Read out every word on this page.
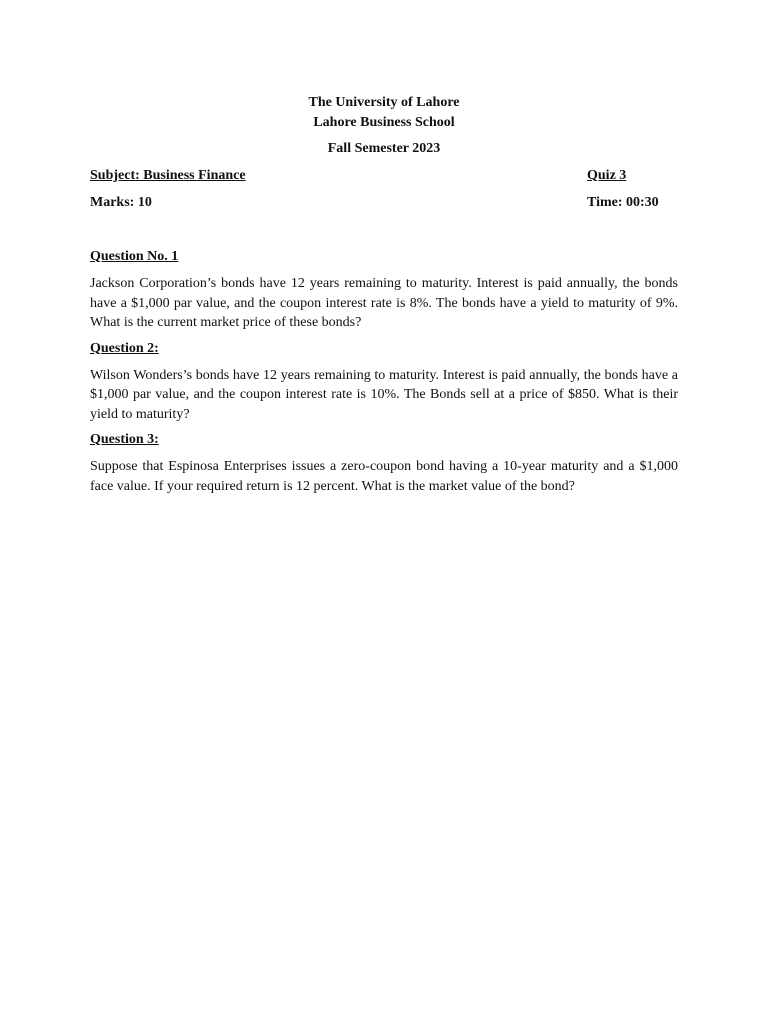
The University of Lahore
Lahore Business School
Fall Semester 2023
Subject: Business Finance	Quiz 3
Marks: 10	Time: 00:30
Question No. 1
Jackson Corporation’s bonds have 12 years remaining to maturity. Interest is paid annually, the bonds have a $1,000 par value, and the coupon interest rate is 8%. The bonds have a yield to maturity of 9%. What is the current market price of these bonds?
Question 2:
Wilson Wonders’s bonds have 12 years remaining to maturity. Interest is paid annually, the bonds have a $1,000 par value, and the coupon interest rate is 10%. The Bonds sell at a price of $850. What is their yield to maturity?
Question 3:
Suppose that Espinosa Enterprises issues a zero-coupon bond having a 10-year maturity and a $1,000 face value. If your required return is 12 percent. What is the market value of the bond?
